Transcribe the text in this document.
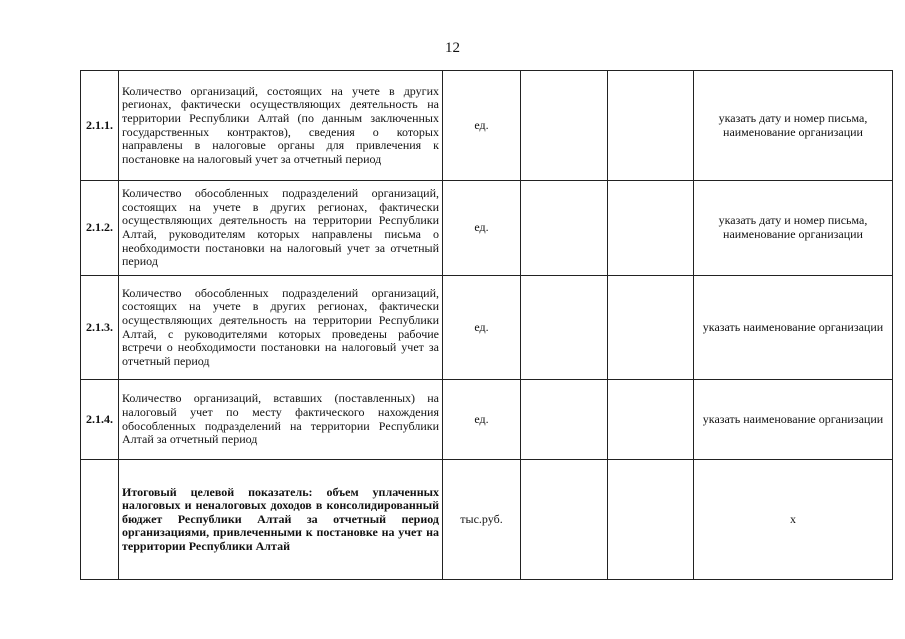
12
2.1.1.	Количество организаций, состоящих на учете в других регионах, фактически осуществляющих деятельность на территории Республики Алтай (по данным заключенных государственных контрактов), сведения о которых направлены в налоговые органы для привлечения к постановке на налоговый учет за отчетный период	ед.			указать дату и номер письма, наименование организации
2.1.2.	Количество обособленных подразделений организаций, состоящих на учете в других регионах, фактически осуществляющих деятельность на территории Республики Алтай, руководителям которых направлены письма о необходимости постановки на налоговый учет за отчетный период	ед.			указать дату и номер письма, наименование организации
2.1.3.	Количество обособленных подразделений организаций, состоящих на учете в других регионах, фактически осуществляющих деятельность на территории Республики Алтай, с руководителями которых проведены рабочие встречи о необходимости постановки на налоговый учет за отчетный период	ед.			указать наименование организации
2.1.4.	Количество организаций, вставших (поставленных) на налоговый учет по месту фактического нахождения обособленных подразделений на территории Республики Алтай за отчетный период	ед.			указать наименование организации
	Итоговый целевой показатель: объем уплаченных налоговых и неналоговых доходов в консолидированный бюджет Республики Алтай за отчетный период организациями, привлеченными к постановке на учет на территории Республики Алтай	тыс.руб.			х
